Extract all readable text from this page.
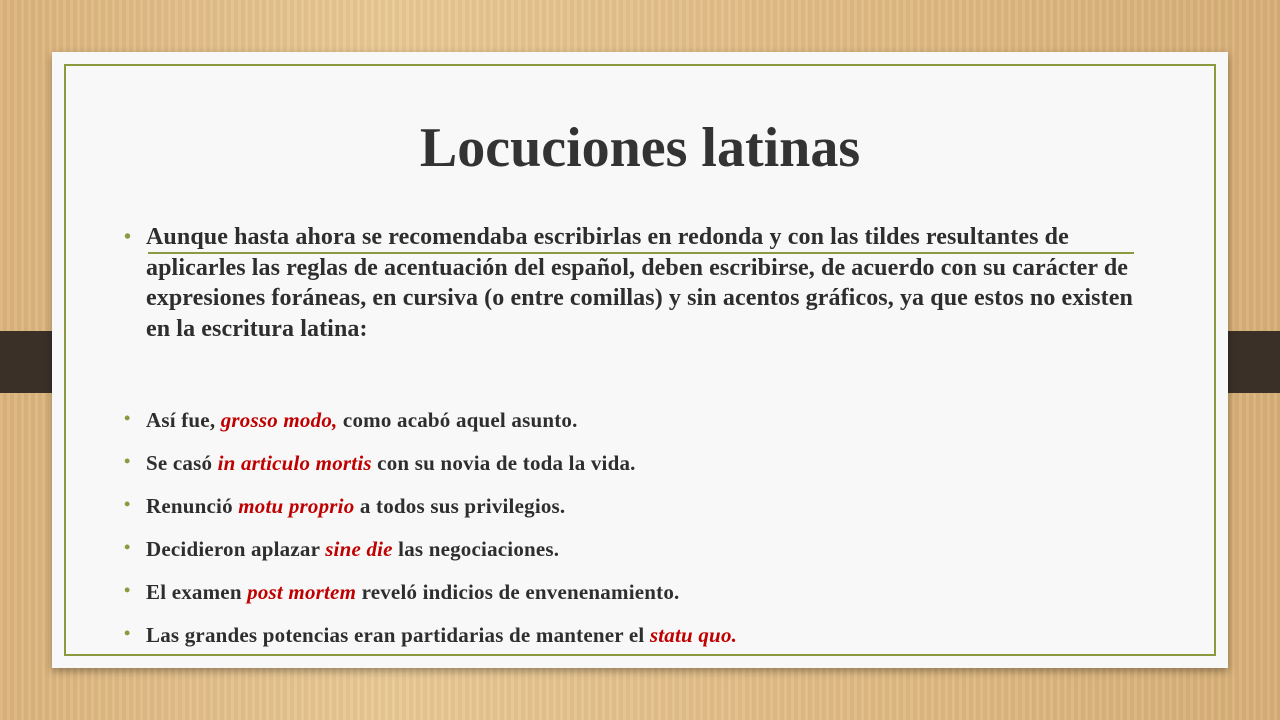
Locuciones latinas
• Aunque hasta ahora se recomendaba escribirlas en redonda y con las tildes resultantes de aplicarles las reglas de acentuación del español, deben escribirse, de acuerdo con su carácter de expresiones foráneas, en cursiva (o entre comillas) y sin acentos gráficos, ya que estos no existen en la escritura latina:
• Así fue, grosso modo, como acabó aquel asunto.
• Se casó in articulo mortis con su novia de toda la vida.
• Renunció motu proprio a todos sus privilegios.
• Decidieron aplazar sine die las negociaciones.
• El examen post mortem reveló indicios de envenenamiento.
• Las grandes potencias eran partidarias de mantener el statu quo.
